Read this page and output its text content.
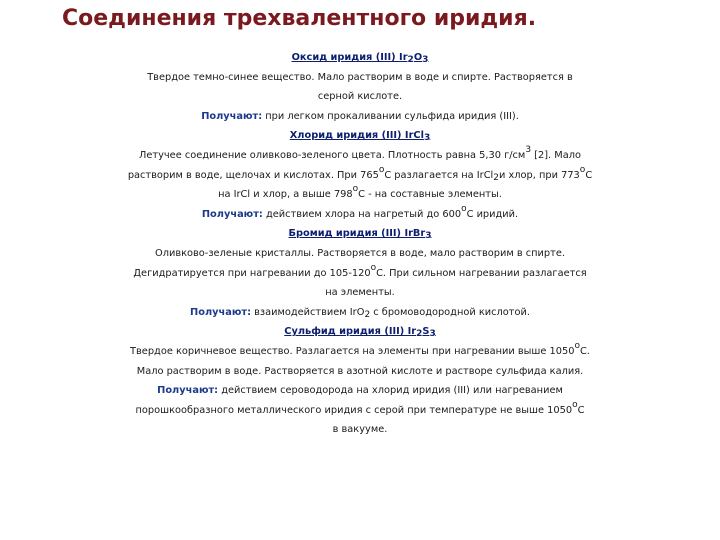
Соединения трехвалентного иридия.
Оксид иридия (III) $Ir_2O_3$
Твердое темно-синее вещество. Мало растворим в воде и спирте. Растворяется в
серной кислоте.
Получают: при легком прокаливании сульфида иридия (III).
Хлорид иридия (III) IrCl$_3$
Летучее соединение оливково-зеленого цвета. Плотность равна 5,30 $г/см^3$ [2]. Мало
растворим в воде, щелочах и кислотах. При $765^оС$ разлагается на IrCl$_2$и хлор, при $773^оС$
на IrCl и хлор, а выше $798^оС$ - на составные элементы.
Получают: действием хлора на нагретый до $600^оС$ иридий.
Бромид иридия (III) IrBr$_3$
Оливково-зеленые кристаллы. Растворяется в воде, мало растворим в спирте.
Дегидратируется при нагревании до $105-120^оС$. При сильном нагревании разлагается
на элементы.
Получают: взаимодействием IrO$_2$ с бромоводородной кислотой.
Сульфид иридия (III) $Ir_2S_3$
Твердое коричневое вещество. Разлагается на элементы при нагревании выше $1050^оС$.
Мало растворим в воде. Растворяется в азотной кислоте и растворе сульфида калия.
Получают: действием сероводорода на хлорид иридия (III) или нагреванием
порошкообразного металлического иридия с серой при температуре не выше $1050^оС$
в вакууме.
